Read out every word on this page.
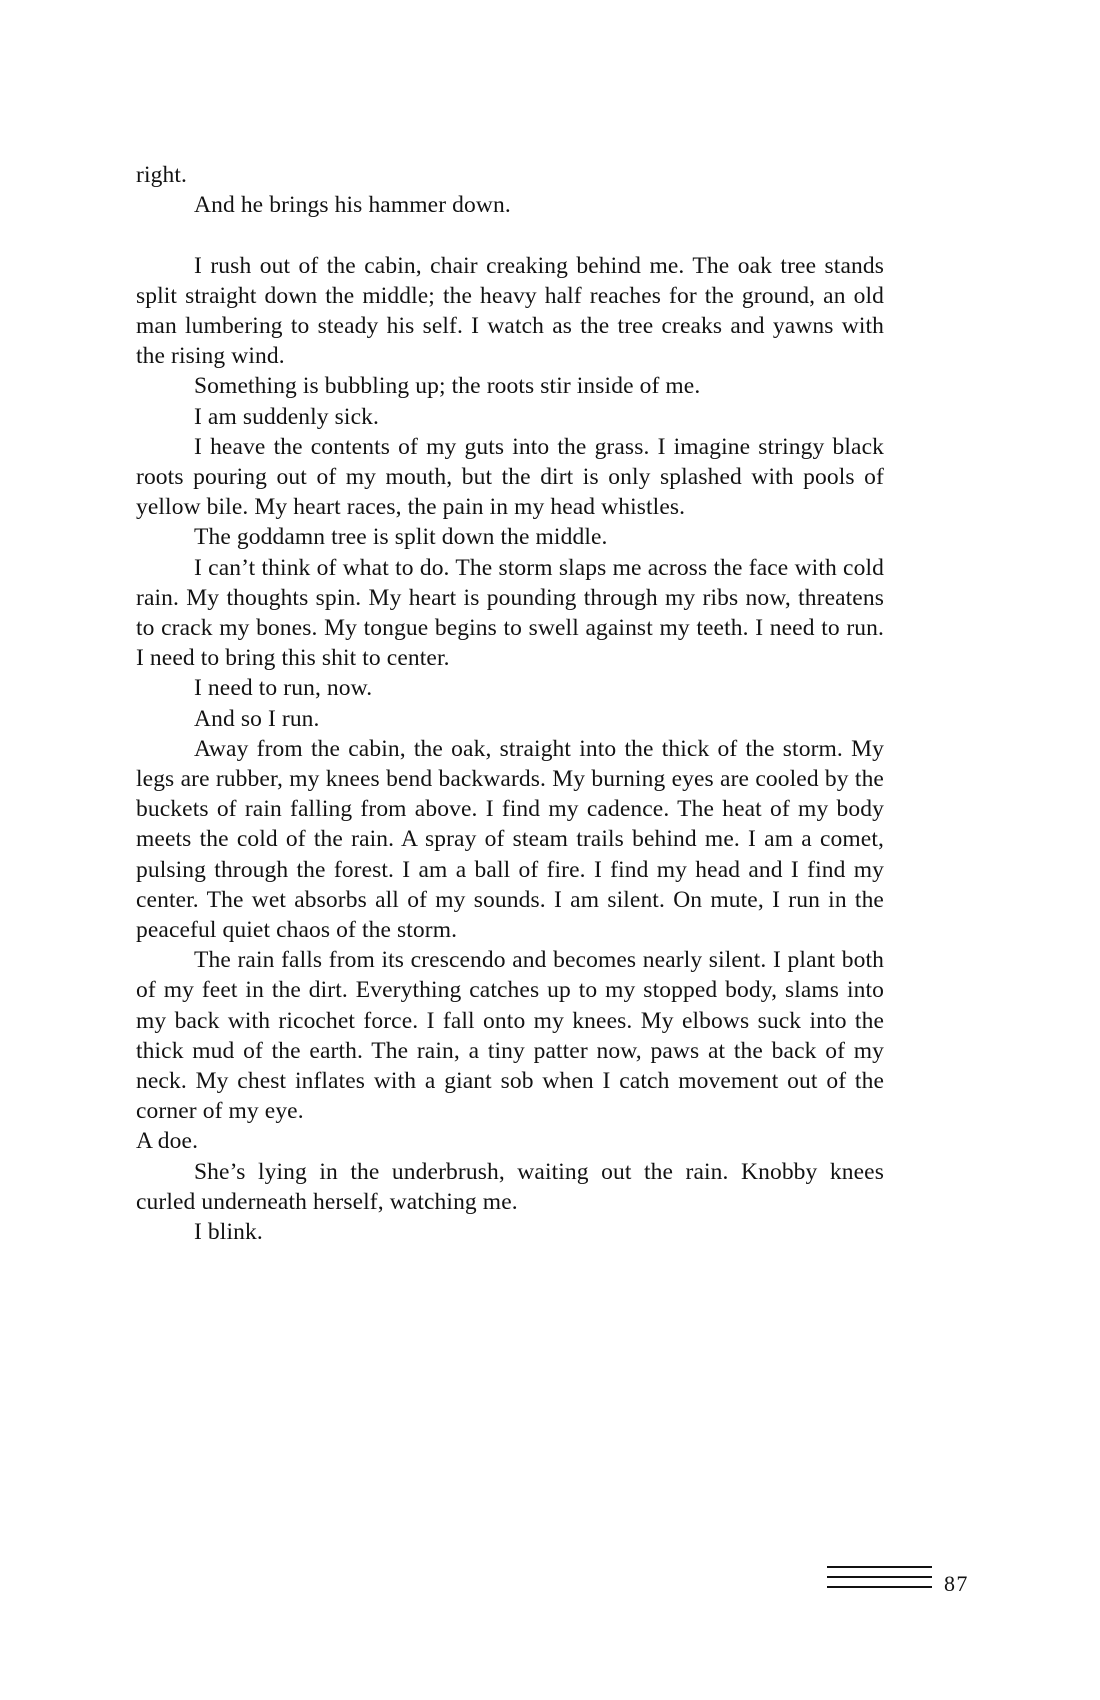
right.

And he brings his hammer down.

I rush out of the cabin, chair creaking behind me. The oak tree stands split straight down the middle; the heavy half reaches for the ground, an old man lumbering to steady his self. I watch as the tree creaks and yawns with the rising wind.

Something is bubbling up; the roots stir inside of me.

I am suddenly sick.

I heave the contents of my guts into the grass. I imagine stringy black roots pouring out of my mouth, but the dirt is only splashed with pools of yellow bile. My heart races, the pain in my head whistles.

The goddamn tree is split down the middle.

I can’t think of what to do. The storm slaps me across the face with cold rain. My thoughts spin. My heart is pounding through my ribs now, threatens to crack my bones. My tongue begins to swell against my teeth. I need to run. I need to bring this shit to center.

I need to run, now.

And so I run.

Away from the cabin, the oak, straight into the thick of the storm. My legs are rubber, my knees bend backwards. My burning eyes are cooled by the buckets of rain falling from above. I find my cadence. The heat of my body meets the cold of the rain. A spray of steam trails behind me. I am a comet, pulsing through the forest. I am a ball of fire. I find my head and I find my center. The wet absorbs all of my sounds. I am silent. On mute, I run in the peaceful quiet chaos of the storm.

The rain falls from its crescendo and becomes nearly silent. I plant both of my feet in the dirt. Everything catches up to my stopped body, slams into my back with ricochet force. I fall onto my knees. My elbows suck into the thick mud of the earth. The rain, a tiny patter now, paws at the back of my neck. My chest inflates with a giant sob when I catch movement out of the corner of my eye.

A doe.

She’s lying in the underbrush, waiting out the rain. Knobby knees curled underneath herself, watching me.

I blink.

87
